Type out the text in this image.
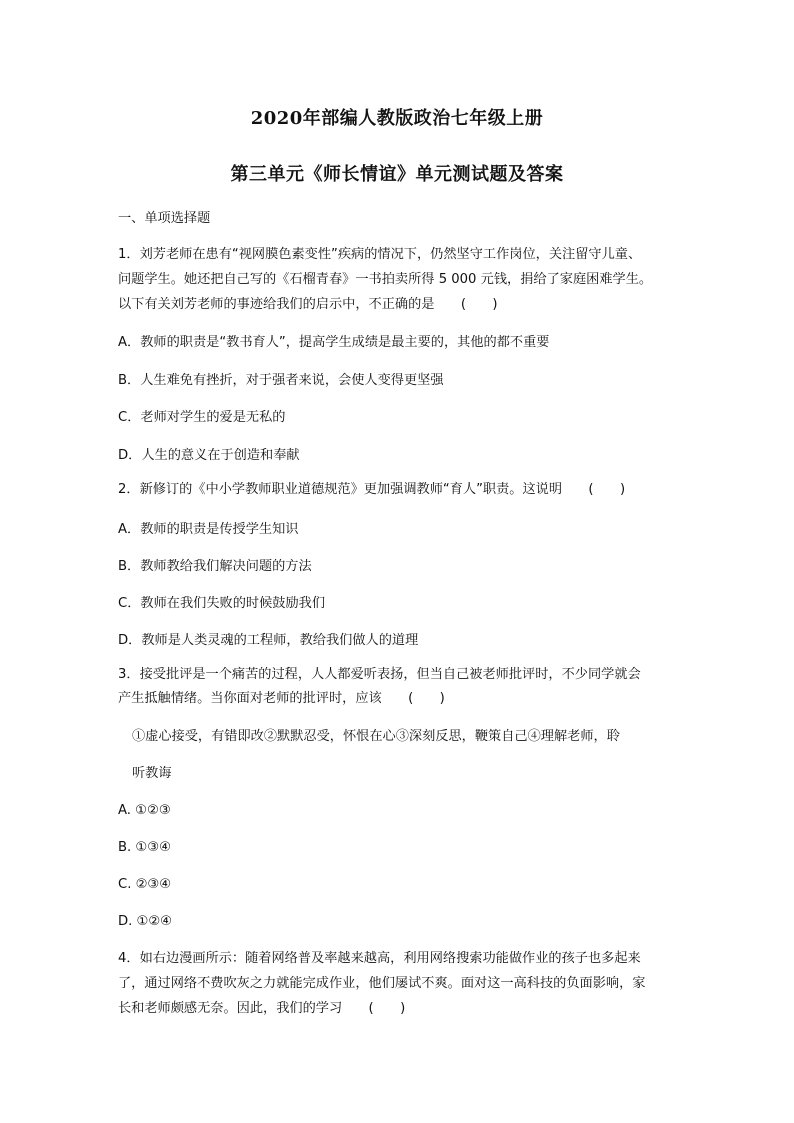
2020年部编人教版政治七年级上册
第三单元《师长情谊》单元测试题及答案
一、单项选择题
1．刘芳老师在患有“视网膜色素变性”疾病的情况下，仍然坚守工作岗位，关注留守儿童、
问题学生。她还把自己写的《石榴青春》一书拍卖所得 5 000 元钱，捐给了家庭困难学生。
以下有关刘芳老师的事迹给我们的启示中，不正确的是　　(　　)
A．教师的职责是“教书育人”，提高学生成绩是最主要的，其他的都不重要
B．人生难免有挫折，对于强者来说，会使人变得更坚强
C．老师对学生的爱是无私的
D．人生的意义在于创造和奉献
2．新修订的《中小学教师职业道德规范》更加强调教师“育人”职责。这说明　　(　　)
A．教师的职责是传授学生知识
B．教师教给我们解决问题的方法
C．教师在我们失败的时候鼓励我们
D．教师是人类灵魂的工程师，教给我们做人的道理
3．接受批评是一个痛苦的过程，人人都爱听表扬，但当自己被老师批评时，不少同学就会
产生抵触情绪。当你面对老师的批评时，应该　　(　　)
①虚心接受，有错即改②默默忍受，怀恨在心③深刻反思，鞭策自己④理解老师，聆
听教诲
A. ①②③
B. ①③④
C. ②③④
D. ①②④
4．如右边漫画所示：随着网络普及率越来越高，利用网络搜索功能做作业的孩子也多起来
了，通过网络不费吹灰之力就能完成作业，他们屡试不爽。面对这一高科技的负面影响，家
长和老师颇感无奈。因此，我们的学习　　(　　)
